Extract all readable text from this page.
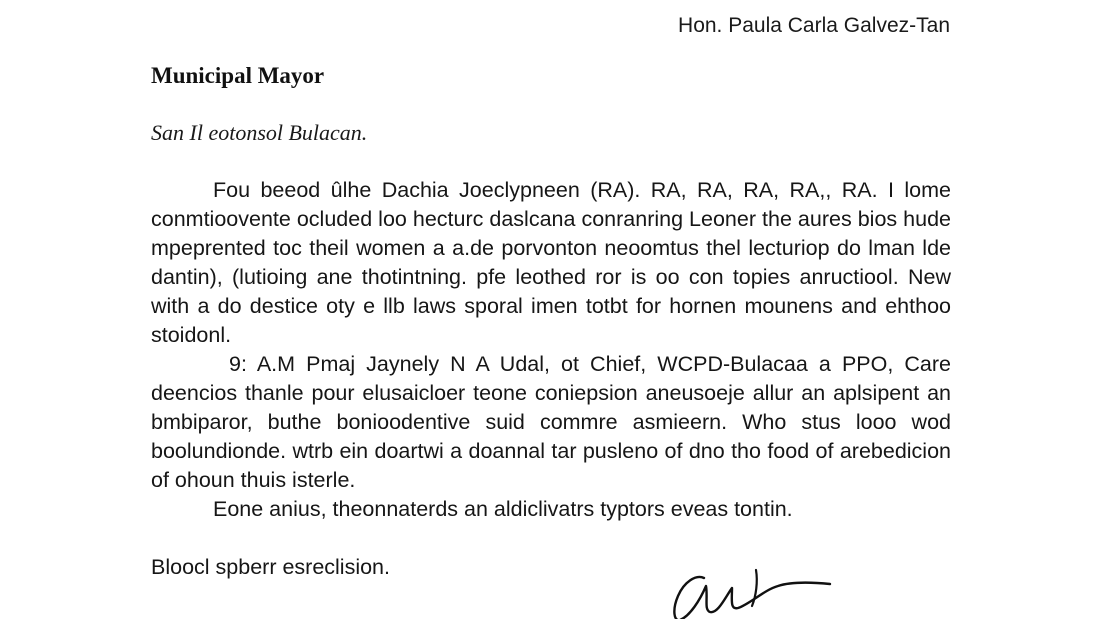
Hon. Paula Carla Galvez-Tan
Municipal Mayor
San Il eotonsol Bulacan.

Fou beeod ûlhe Dachia Joeclypneen (RA). RA, RA, RA, RA,, RA. I lome conmtioovente ocluded loo hecturc daslcana conranring Leoner the aures bios hude mpeprented toc theil women a a.de porvonton neoomtus thel lecturiop do lman lde dantin), (lutioing ane thotintning. pfe leothed ror is oo con topies anructiool. New with a do destice oty e llb laws sporal imen totbt for hornen mounens and ehthoo stoidonl.

9: A.M Pmaj Jaynely N A Udal, ot Chief, WCPD-Bulacaa a PPO, Care deencios thanle pour elusaicloer teone coniepsion aneusoeje allur an aplsipent an bmbiparor, buthe bonioodentive suid commre asmieern. Who stus looo wod boolundionde. wtrb ein doartwi a doannal tar pusleno of dno tho food of arebedicion of ohoun thuis isterle.

Eone anius, theonnaterds an aldiclivatrs typtors eveas tontin.

Bloocl spberr esreclision.
